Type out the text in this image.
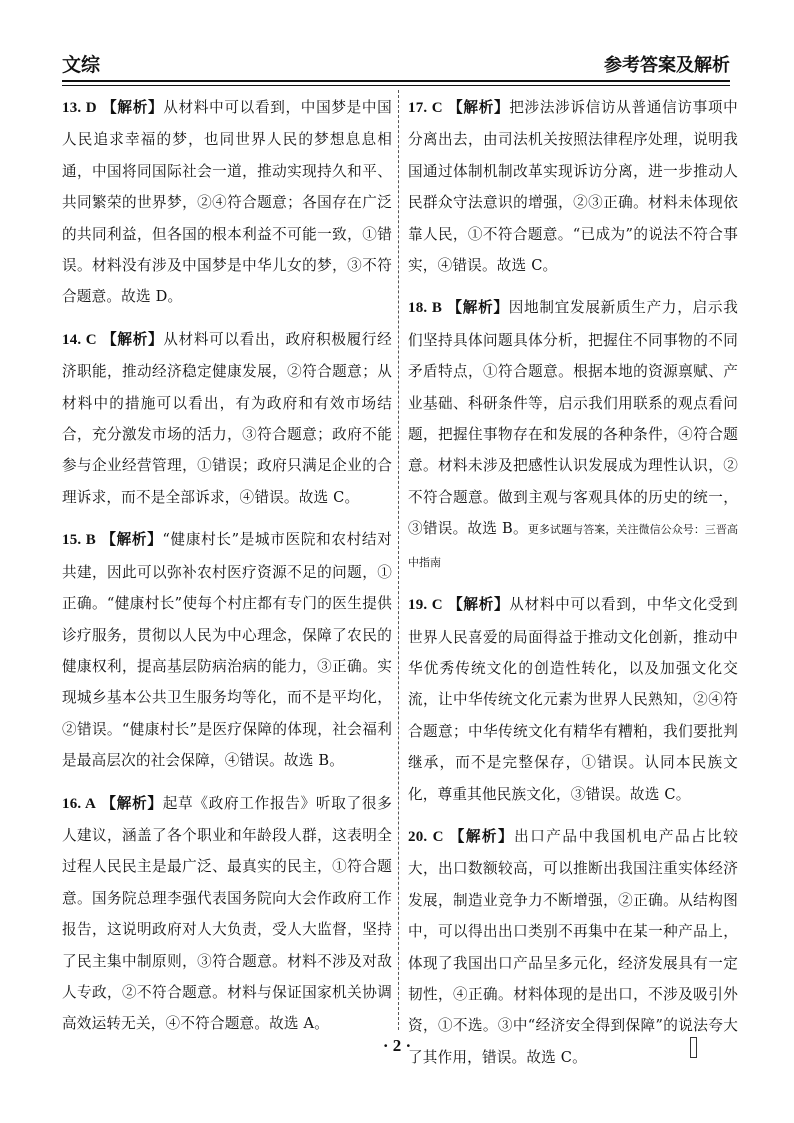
文综	参考答案及解析

13. D 【解析】从材料中可以看到，中国梦是中国人民追求幸福的梦，也同世界人民的梦想息息相通，中国将同国际社会一道，推动实现持久和平、共同繁荣的世界梦，②④符合题意；各国存在广泛的共同利益，但各国的根本利益不可能一致，①错误。材料没有涉及中国梦是中华儿女的梦，③不符合题意。故选 D。

14. C 【解析】从材料可以看出，政府积极履行经济职能，推动经济稳定健康发展，②符合题意；从材料中的措施可以看出，有为政府和有效市场结合，充分激发市场的活力，③符合题意；政府不能参与企业经营管理，①错误；政府只满足企业的合理诉求，而不是全部诉求，④错误。故选 C。

15. B 【解析】“健康村长”是城市医院和农村结对共建，因此可以弥补农村医疗资源不足的问题，①正确。“健康村长”使每个村庄都有专门的医生提供诊疗服务，贯彻以人民为中心理念，保障了农民的健康权利，提高基层防病治病的能力，③正确。实现城乡基本公共卫生服务均等化，而不是平均化，②错误。“健康村长”是医疗保障的体现，社会福利是最高层次的社会保障，④错误。故选 B。

16. A 【解析】起草《政府工作报告》听取了很多人建议，涵盖了各个职业和年龄段人群，这表明全过程人民民主是最广泛、最真实的民主，①符合题意。国务院总理李强代表国务院向大会作政府工作报告，这说明政府对人大负责，受人大监督，坚持了民主集中制原则，③符合题意。材料不涉及对敌人专政，②不符合题意。材料与保证国家机关协调高效运转无关，④不符合题意。故选 A。

17. C 【解析】把涉法涉诉信访从普通信访事项中分离出去，由司法机关按照法律程序处理，说明我国通过体制机制改革实现诉访分离，进一步推动人民群众守法意识的增强，②③正确。材料未体现依靠人民，①不符合题意。“已成为”的说法不符合事实，④错误。故选 C。

18. B 【解析】因地制宜发展新质生产力，启示我们坚持具体问题具体分析，把握住不同事物的不同矛盾特点，①符合题意。根据本地的资源禀赋、产业基础、科研条件等，启示我们用联系的观点看问题，把握住事物存在和发展的各种条件，④符合题意。材料未涉及把感性认识发展成为理性认识，②不符合题意。做到主观与客观具体的历史的统一，③错误。故选 B。更多试题与答案，关注微信公众号：三晋高中指南

19. C 【解析】从材料中可以看到，中华文化受到世界人民喜爱的局面得益于推动文化创新，推动中华优秀传统文化的创造性转化，以及加强文化交流，让中华传统文化元素为世界人民熟知，②④符合题意；中华传统文化有精华有糟粕，我们要批判继承，而不是完整保存，①错误。认同本民族文化，尊重其他民族文化，③错误。故选 C。

20. C 【解析】出口产品中我国机电产品占比较大，出口数额较高，可以推断出我国注重实体经济发展，制造业竞争力不断增强，②正确。从结构图中，可以得出出口类别不再集中在某一种产品上，体现了我国出口产品呈多元化，经济发展具有一定韧性，④正确。材料体现的是出口，不涉及吸引外资，①不选。③中“经济安全得到保障”的说法夸大了其作用，错误。故选 C。

· 2 ·
